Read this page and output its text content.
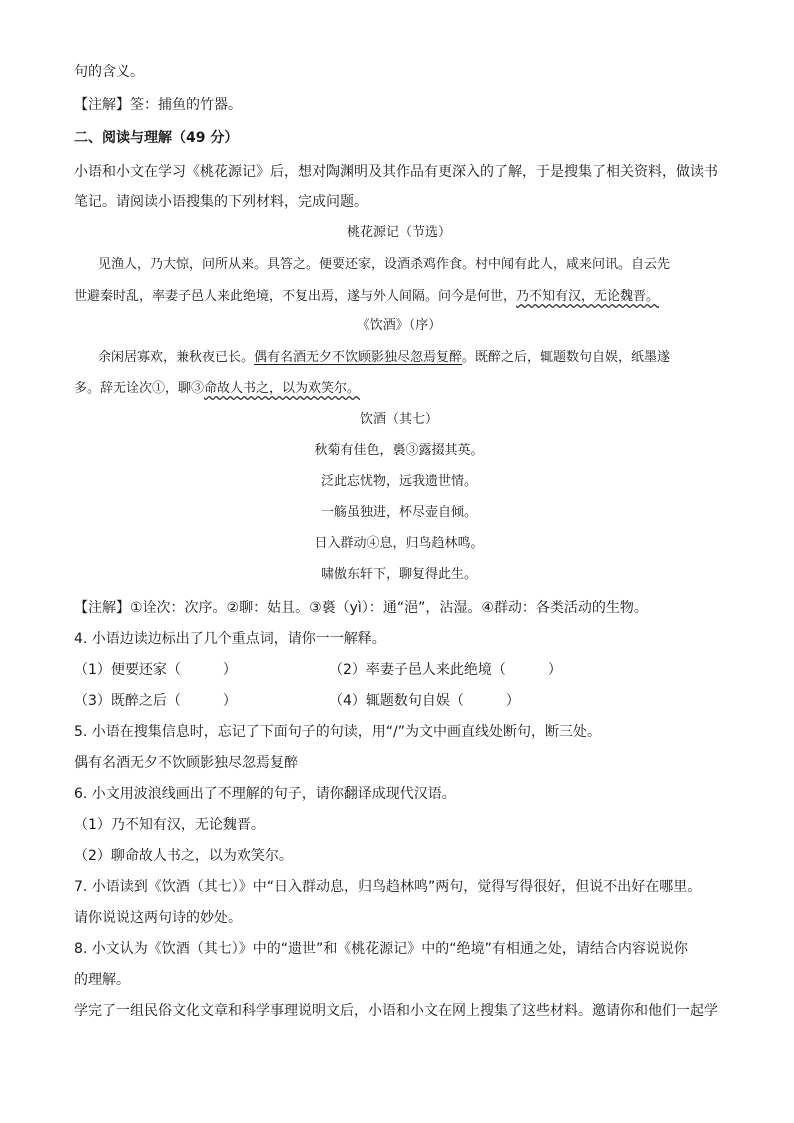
句的含义。
【注解】筌：捕鱼的竹器。
二、阅读与理解（49 分）
小语和小文在学习《桃花源记》后，想对陶渊明及其作品有更深入的了解，于是搜集了相关资料，做读书
笔记。请阅读小语搜集的下列材料，完成问题。
桃花源记（节选）
见渔人，乃大惊，问所从来。具答之。便要还家，设酒杀鸡作食。村中闻有此人，咸来问讯。自云先
世避秦时乱，率妻子邑人来此绝境，不复出焉，遂与外人间隔。问今是何世，乃不知有汉，无论魏晋。
《饮酒》（序）
余闲居寡欢，兼秋夜已长。偶有名酒无夕不饮顾影独尽忽焉复醉。既醉之后，辄题数句自娱，纸墨遂
多。辞无诠次①，聊③命故人书之，以为欢笑尔。
饮酒（其七）
秋菊有佳色，裛③露掇其英。
泛此忘忧物，远我遗世情。
一觞虽独进，杯尽壶自倾。
日入群动④息，归鸟趋林鸣。
啸傲东轩下，聊复得此生。
【注解】①诠次：次序。②聊：姑且。③裛（yì）：通“浥”，沾湿。④群动：各类活动的生物。
4. 小语边读边标出了几个重点词，请你一一解释。
（1）便要还家（　　　）	（2）率妻子邑人来此绝境（　　　）
（3）既醉之后（　　　）	（4）辄题数句自娱（　　　）
5. 小语在搜集信息时，忘记了下面句子的句读，用“/”为文中画直线处断句，断三处。
偶有名酒无夕不饮顾影独尽忽焉复醉
6. 小文用波浪线画出了不理解的句子，请你翻译成现代汉语。
（1）乃不知有汉，无论魏晋。
（2）聊命故人书之，以为欢笑尔。
7. 小语读到《饮酒（其七）》中“日入群动息，归鸟趋林鸣”两句，觉得写得很好，但说不出好在哪里。
请你说说这两句诗的妙处。
8. 小文认为《饮酒（其七）》中的“遗世”和《桃花源记》中的“绝境”有相通之处，请结合内容说说你
的理解。
学完了一组民俗文化文章和科学事理说明文后，小语和小文在网上搜集了这些材料。邀请你和他们一起学
